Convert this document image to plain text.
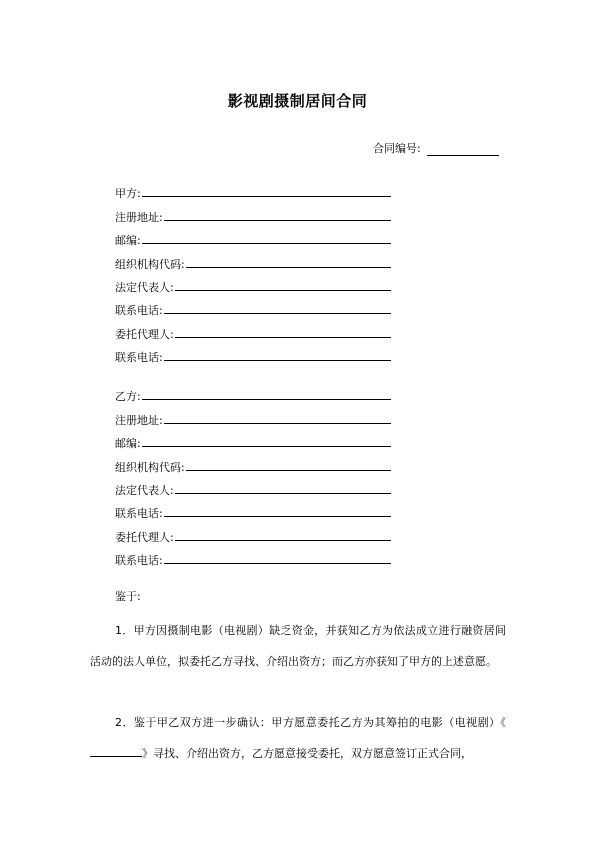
影视剧摄制居间合同
合同编号:
甲方:
注册地址:
邮编:
组织机构代码:
法定代表人:
联系电话:
委托代理人:
联系电话:
乙方:
注册地址:
邮编:
组织机构代码:
法定代表人:
联系电话:
委托代理人:
联系电话:
鉴于:

1．甲方因摄制电影（电视剧）缺乏资金，并获知乙方为依法成立进行融资居间活动的法人单位，拟委托乙方寻找、介绍出资方；而乙方亦获知了甲方的上述意愿。

2．鉴于甲乙双方进一步确认：甲方愿意委托乙方为其筹拍的电影（电视剧）《》寻找、介绍出资方，乙方愿意接受委托，双方愿意签订正式合同，
